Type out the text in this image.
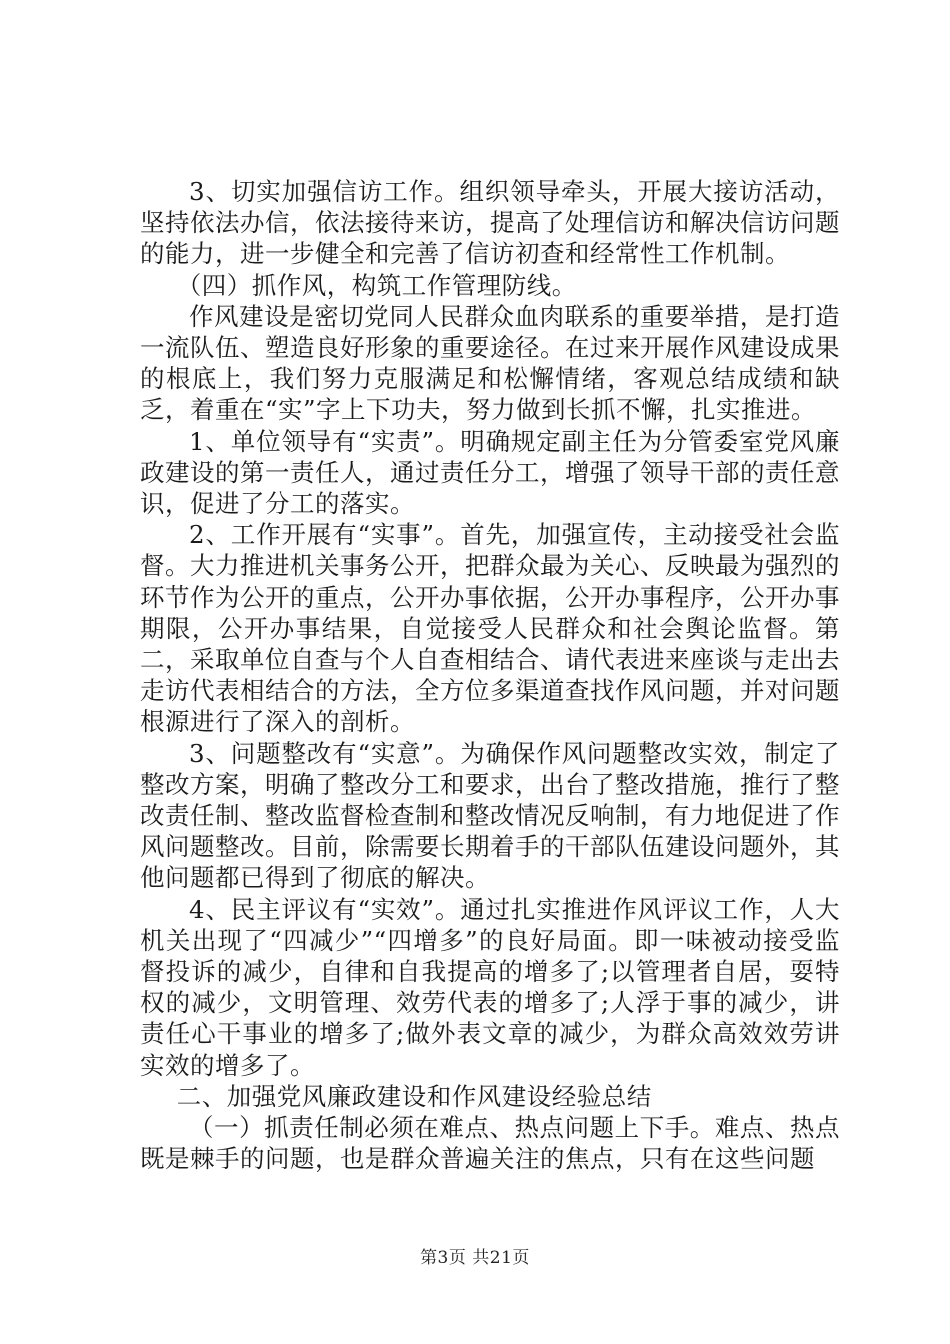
3、切实加强信访工作。组织领导牵头，开展大接访活动，坚持依法办信，依法接待来访，提高了处理信访和解决信访问题的能力，进一步健全和完善了信访初查和经常性工作机制。

（四）抓作风，构筑工作管理防线。

作风建设是密切党同人民群众血肉联系的重要举措，是打造一流队伍、塑造良好形象的重要途径。在过来开展作风建设成果的根底上，我们努力克服满足和松懈情绪，客观总结成绩和缺乏，着重在“实”字上下功夫，努力做到长抓不懈，扎实推进。

1、单位领导有“实责”。明确规定副主任为分管委室党风廉政建设的第一责任人，通过责任分工，增强了领导干部的责任意识，促进了分工的落实。

2、工作开展有“实事”。首先，加强宣传，主动接受社会监督。大力推进机关事务公开，把群众最为关心、反映最为强烈的环节作为公开的重点，公开办事依据，公开办事程序，公开办事期限，公开办事结果，自觉接受人民群众和社会舆论监督。第二，采取单位自查与个人自查相结合、请代表进来座谈与走出去走访代表相结合的方法，全方位多渠道查找作风问题，并对问题根源进行了深入的剖析。

3、问题整改有“实意”。为确保作风问题整改实效，制定了整改方案，明确了整改分工和要求，出台了整改措施，推行了整改责任制、整改监督检查制和整改情况反响制，有力地促进了作风问题整改。目前，除需要长期着手的干部队伍建设问题外，其他问题都已得到了彻底的解决。

4、民主评议有“实效”。通过扎实推进作风评议工作，人大机关出现了“四减少”“四增多”的良好局面。即一味被动接受监督投诉的减少，自律和自我提高的增多了;以管理者自居，耍特权的减少，文明管理、效劳代表的增多了;人浮于事的减少，讲责任心干事业的增多了;做外表文章的减少，为群众高效效劳讲实效的增多了。

二、加强党风廉政建设和作风建设经验总结

（一）抓责任制必须在难点、热点问题上下手。难点、热点既是棘手的问题，也是群众普遍关注的焦点，只有在这些问题

第3页 共21页
